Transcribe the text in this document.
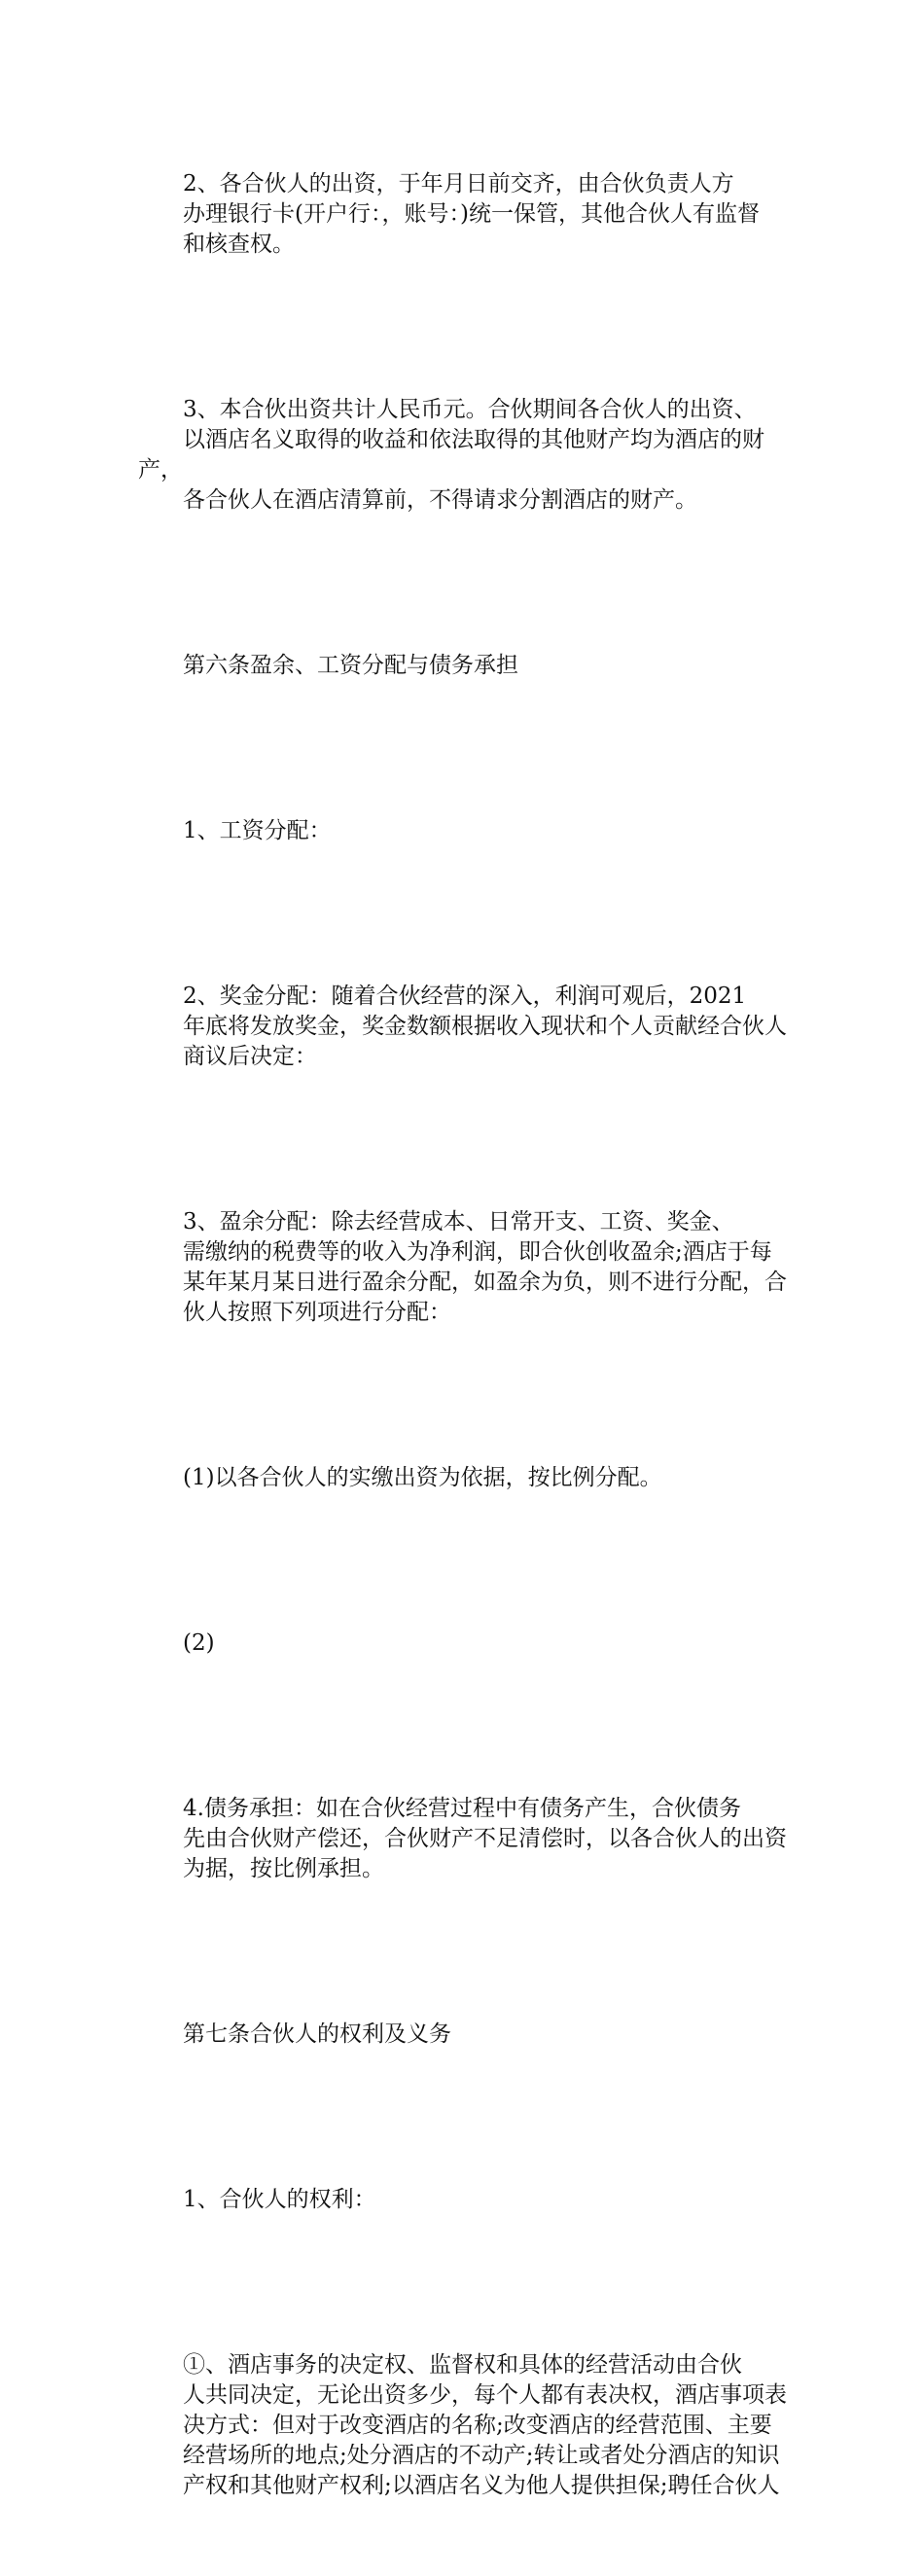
2、各合伙人的出资，于年月日前交齐，由合伙负责人方
办理银行卡(开户行：，账号：)统一保管，其他合伙人有监督
和核查权。

3、本合伙出资共计人民币元。合伙期间各合伙人的出资、
以酒店名义取得的收益和依法取得的其他财产均为酒店的财产，
各合伙人在酒店清算前，不得请求分割酒店的财产。

第六条盈余、工资分配与债务承担

1、工资分配：

2、奖金分配：随着合伙经营的深入，利润可观后，2021
年底将发放奖金，奖金数额根据收入现状和个人贡献经合伙人
商议后决定：

3、盈余分配：除去经营成本、日常开支、工资、奖金、
需缴纳的税费等的收入为净利润，即合伙创收盈余;酒店于每
某年某月某日进行盈余分配，如盈余为负，则不进行分配，合
伙人按照下列项进行分配：

(1)以各合伙人的实缴出资为依据，按比例分配。

(2)

4.债务承担：如在合伙经营过程中有债务产生，合伙债务
先由合伙财产偿还，合伙财产不足清偿时，以各合伙人的出资
为据，按比例承担。

第七条合伙人的权利及义务

1、合伙人的权利：

①、酒店事务的决定权、监督权和具体的经营活动由合伙
人共同决定，无论出资多少，每个人都有表决权，酒店事项表
决方式：但对于改变酒店的名称;改变酒店的经营范围、主要
经营场所的地点;处分酒店的不动产;转让或者处分酒店的知识
产权和其他财产权利;以酒店名义为他人提供担保;聘任合伙人
